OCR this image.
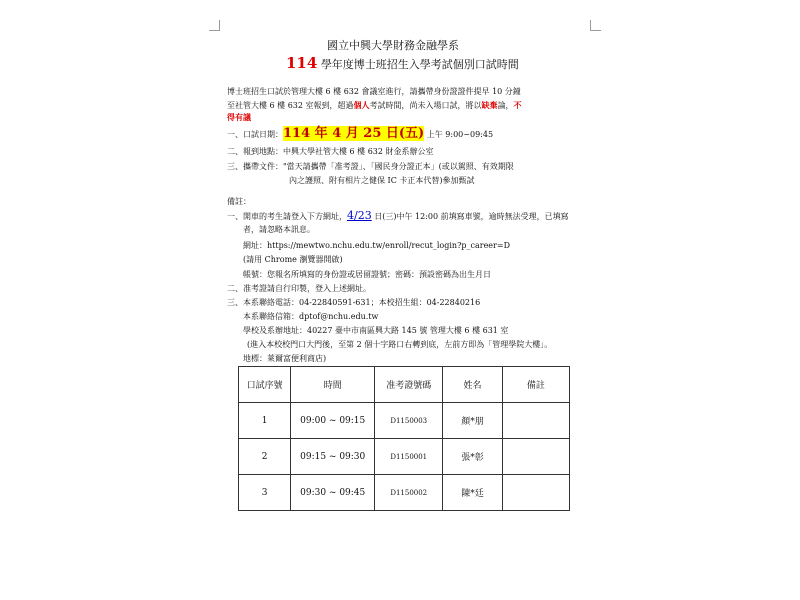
國立中興大學財務金融學系
114 學年度博士班招生入學考試個別口試時間
博士班招生口試於管理大樓 6 樓 632 會議室進行，請攜帶身份證證件提早 10 分鐘
至社管大樓 6 樓 632 室報到，超過個人考試時間，尚未入場口試，將以缺棄論，不
得有議
一、口試日期：114 年 4 月 25 日(五) 上午 9:00~09:45
二、報到地點：中興大學社管大樓 6 樓 632 財金系辦公室
三、攜帶文件："當天請攜帶「准考證」、「國民身分證正本」(或以駕照、有效期限
內之護照、附有相片之健保 IC 卡正本代替)參加甄試
備註：
一、開車的考生請登入下方網址，4/23 日(三)中午 12:00 前填寫車號，逾時無法受理，已填寫
者，請忽略本訊息。
網址：https://mewtwo.nchu.edu.tw/enroll/recut_login?p_career=D
(請用 Chrome 瀏覽器開啟)
帳號：您報名所填寫的身份證或居留證號；密碼：預設密碼為出生月日
二、准考證請自行印製，登入上述網址。
三、本系聯絡電話：04-22840591-631；本校招生組：04-22840216
本系聯絡信箱：dptof@nchu.edu.tw
學校及系辦地址：40227 臺中市南區興大路 145 號 管理大樓 6 樓 631 室
(進入本校校門口大門後，至第 2 個十字路口右轉到底，左前方即為「管理學院大樓」。
地標：萊爾富便利商店)
口試序號	時間	准考證號碼	姓名	備註
1	09:00 ~ 09:15	D1150003	顏*朋	
2	09:15 ~ 09:30	D1150001	張*彰	
3	09:30 ~ 09:45	D1150002	陳*廷	
